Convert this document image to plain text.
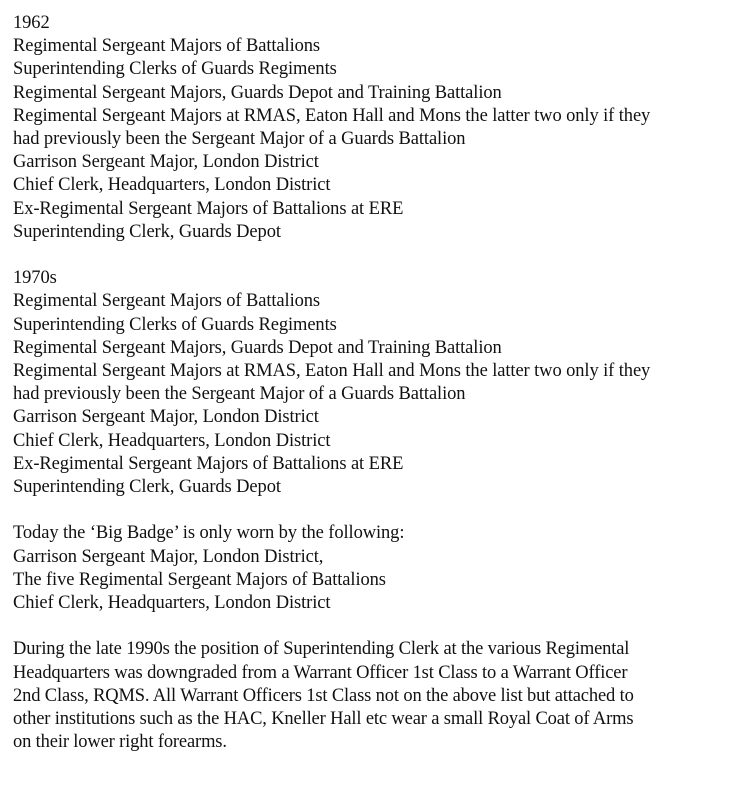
1962
Regimental Sergeant Majors of Battalions
Superintending Clerks of Guards Regiments
Regimental Sergeant Majors, Guards Depot and Training Battalion
Regimental Sergeant Majors at RMAS, Eaton Hall and Mons the latter two only if they
had previously been the Sergeant Major of a Guards Battalion
Garrison Sergeant Major, London District
Chief Clerk, Headquarters, London District
Ex-Regimental Sergeant Majors of Battalions at ERE
Superintending Clerk, Guards Depot
1970s
Regimental Sergeant Majors of Battalions
Superintending Clerks of Guards Regiments
Regimental Sergeant Majors, Guards Depot and Training Battalion
Regimental Sergeant Majors at RMAS, Eaton Hall and Mons the latter two only if they
had previously been the Sergeant Major of a Guards Battalion
Garrison Sergeant Major, London District
Chief Clerk, Headquarters, London District
Ex-Regimental Sergeant Majors of Battalions at ERE
Superintending Clerk, Guards Depot
Today the ‘Big Badge’ is only worn by the following:
Garrison Sergeant Major, London District,
The five Regimental Sergeant Majors of Battalions
Chief Clerk, Headquarters, London District
During the late 1990s the position of Superintending Clerk at the various Regimental
Headquarters was downgraded from a Warrant Officer 1st Class to a Warrant Officer
2nd Class, RQMS. All Warrant Officers 1st Class not on the above list but attached to
other institutions such as the HAC, Kneller Hall etc wear a small Royal Coat of Arms
on their lower right forearms.
